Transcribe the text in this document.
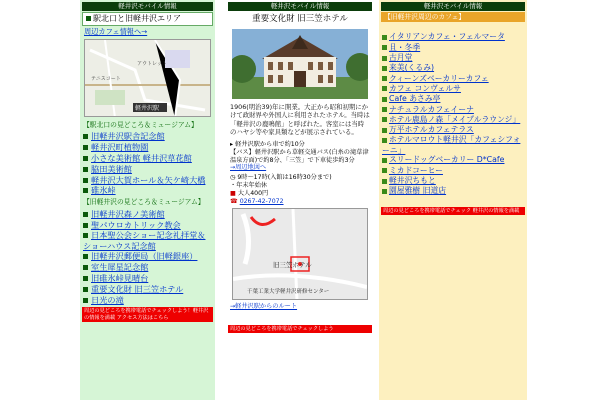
軽井沢モバイル情報
駅北口と旧軽井沢エリア
周辺カフェ情報へ→
軽井沢駅
アウトレット
テニスコート
【駅北口の見どころ＆ミュージアム】
旧軽井沢駅舎記念館
軽井沢町植物園
小さな美術館 軽井沢草花館
脇田美術館
軽井沢大賀ホール＆矢ケ崎大橋
碓氷峠
【旧軽井沢の見どころ＆ミュージアム】
旧軽井沢森ノ美術館
聖パウロカトリック教会
日本聖公会ショー記念礼拝堂＆ショーハウス記念館
旧軽井沢郵便局（旧軽銀座）
室生犀星記念館
旧碓氷峠見晴台
重要文化財 旧三笠ホテル
日光の滝
周辺の見どころを携帯電話でチェックしよう！軽井沢の情報を満載 アクセス方法はこちら
軽井沢モバイル情報
重要文化財 旧三笠ホテル
1906(明治39)年に開業。大正から昭和初期にかけて政財界や外国人に利用されたホテル。当時は「軽井沢の鹿鳴館」と呼ばれた。客室には当時のハヤシ等や家具類などが展示されている。
▸ 軽井沢駅から車で約10分
【バス】軽井沢駅から草軽交通バス(白糸の滝草津温泉方面)で約8分、「三笠」で下車徒歩約3分
→周辺地図へ
◷ 9時〜17時(入館は16時30分まで)
・年末年始休
■ 大人400円
☎ 0267-42-7072
旧三笠ホテル
千葉工業大学軽井沢研修センター
→軽井沢駅からのルート
周辺の見どころを携帯電話でチェックしよう
軽井沢モバイル情報
【旧軽井沢周辺のカフェ】
イタリアンカフェ・フェルマータ
且・冬季
古月堂
来美(くるみ)
クィーンズベーカリーカフェ
カフェ コンヴェルサ
Cafe あさみ亭
ナチュラルカフェイーナ
ホテル鹿島ノ森「メイプルラウンジ」
万平ホテルカフェテラス
ホテルマロウト軽井沢「カフェシフォーニ」
スリードッグベーカリー D*Cafe
ミカドコーヒー
軽井沢ちもと
園屋雅樹 旧道店
周辺の見どころを携帯電話でチェック 軽井沢の情報を満載
